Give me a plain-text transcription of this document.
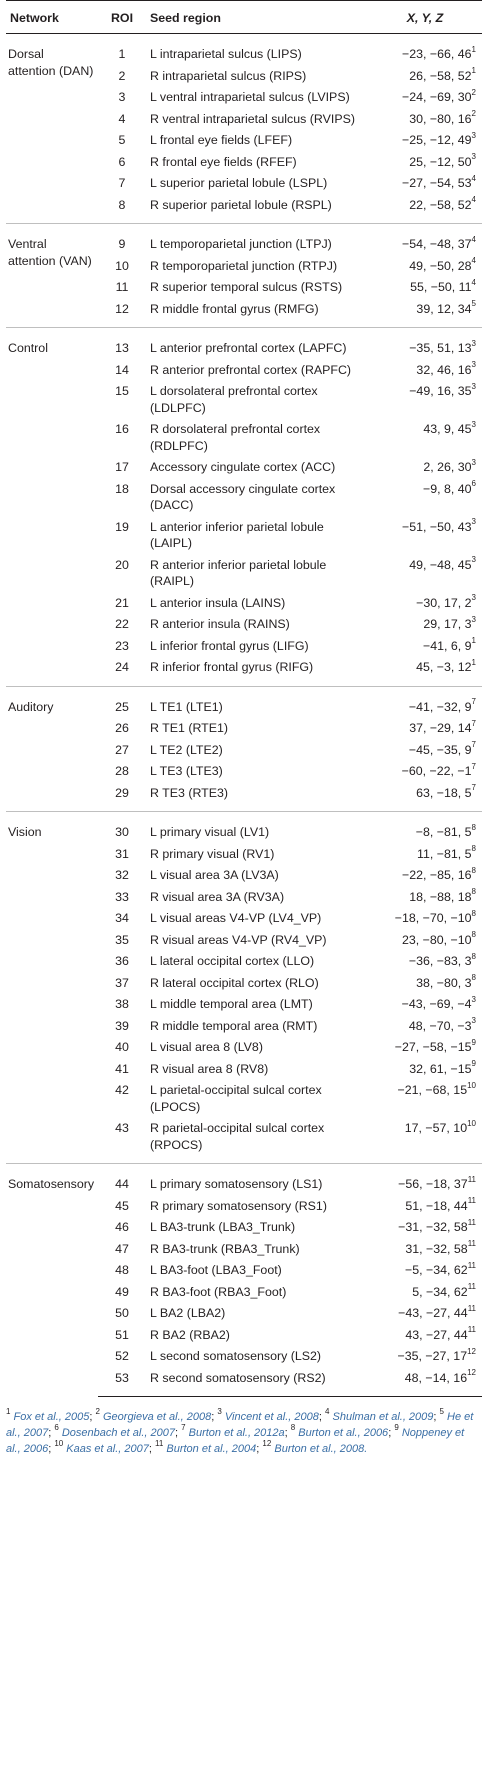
Network	ROI	Seed region	X, Y, Z
Dorsal attention (DAN)	1	L intraparietal sulcus (LIPS)	−23, −66, $46^1$
	2	R intraparietal sulcus (RIPS)	26, −58, $52^1$
	3	L ventral intraparietal sulcus (LVIPS)	−24, −69, $30^2$
	4	R ventral intraparietal sulcus (RVIPS)	30, −80, $16^2$
	5	L frontal eye fields (LFEF)	−25, −12, $49^3$
	6	R frontal eye fields (RFEF)	25, −12, $50^3$
	7	L superior parietal lobule (LSPL)	−27, −54, $53^4$
	8	R superior parietal lobule (RSPL)	22, −58, $52^4$
Ventral attention (VAN)	9	L temporoparietal junction (LTPJ)	−54, −48, $37^4$
	10	R temporoparietal junction (RTPJ)	49, −50, $28^4$
	11	R superior temporal sulcus (RSTS)	55, −50, $11^4$
	12	R middle frontal gyrus (RMFG)	39, 12, $34^5$
Control	13	L anterior prefrontal cortex (LAPFC)	−35, 51, $13^3$
	14	R anterior prefrontal cortex (RAPFC)	32, 46, $16^3$
	15	L dorsolateral prefrontal cortex (LDLPFC)	−49, 16, $35^3$
	16	R dorsolateral prefrontal cortex (RDLPFC)	43, 9, $45^3$
	17	Accessory cingulate cortex (ACC)	2, 26, $30^3$
	18	Dorsal accessory cingulate cortex (DACC)	−9, 8, $40^6$
	19	L anterior inferior parietal lobule (LAIPL)	−51, −50, $43^3$
	20	R anterior inferior parietal lobule (RAIPL)	49, −48, $45^3$
	21	L anterior insula (LAINS)	−30, 17, $2^3$
	22	R anterior insula (RAINS)	29, 17, $3^3$
	23	L inferior frontal gyrus (LIFG)	−41, 6, $9^1$
	24	R inferior frontal gyrus (RIFG)	45, −3, $12^1$
Auditory	25	L TE1 (LTE1)	−41, −32, $9^7$
	26	R TE1 (RTE1)	37, −29, $14^7$
	27	L TE2 (LTE2)	−45, −35, $9^7$
	28	L TE3 (LTE3)	−60, −22, $-1^7$
	29	R TE3 (RTE3)	63, −18, $5^7$
Vision	30	L primary visual (LV1)	−8, −81, $5^8$
	31	R primary visual (RV1)	11, −81, $5^8$
	32	L visual area 3A (LV3A)	−22, −85, $16^8$
	33	R visual area 3A (RV3A)	18, −88, $18^8$
	34	L visual areas V4-VP (LV4_VP)	−18, −70, $-10^8$
	35	R visual areas V4-VP (RV4_VP)	23, −80, $-10^8$
	36	L lateral occipital cortex (LLO)	−36, −83, $3^8$
	37	R lateral occipital cortex (RLO)	38, −80, $3^8$
	38	L middle temporal area (LMT)	−43, −69, $-4^3$
	39	R middle temporal area (RMT)	48, −70, $-3^3$
	40	L visual area 8 (LV8)	−27, −58, $-15^9$
	41	R visual area 8 (RV8)	32, 61, $-15^9$
	42	L parietal-occipital sulcal cortex (LPOCS)	−21, −68, $15^{10}$
	43	R parietal-occipital sulcal cortex (RPOCS)	17, −57, $10^{10}$
Somatosensory	44	L primary somatosensory (LS1)	−56, −18, $37^{11}$
	45	R primary somatosensory (RS1)	51, −18, $44^{11}$
	46	L BA3-trunk (LBA3_Trunk)	−31, −32, $58^{11}$
	47	R BA3-trunk (RBA3_Trunk)	31, −32, $58^{11}$
	48	L BA3-foot (LBA3_Foot)	−5, −34, $62^{11}$
	49	R BA3-foot (RBA3_Foot)	5, −34, $62^{11}$
	50	L BA2 (LBA2)	−43, −27, $44^{11}$
	51	R BA2 (RBA2)	43, −27, $44^{11}$
	52	L second somatosensory (LS2)	−35, −27, $17^{12}$
	53	R second somatosensory (RS2)	48, −14, $16^{12}$
$^1$ Fox et al., 2005; $^2$ Georgieva et al., 2008; $^3$ Vincent et al., 2008; $^4$ Shulman et al., 2009; $^5$ He et al., 2007; $^6$ Dosenbach et al., 2007; $^7$ Burton et al., 2012a; $^8$ Burton et al., 2006; $^9$ Noppeney et al., 2006; $^{10}$ Kaas et al., 2007; $^{11}$ Burton et al., 2004; $^{12}$ Burton et al., 2008.
